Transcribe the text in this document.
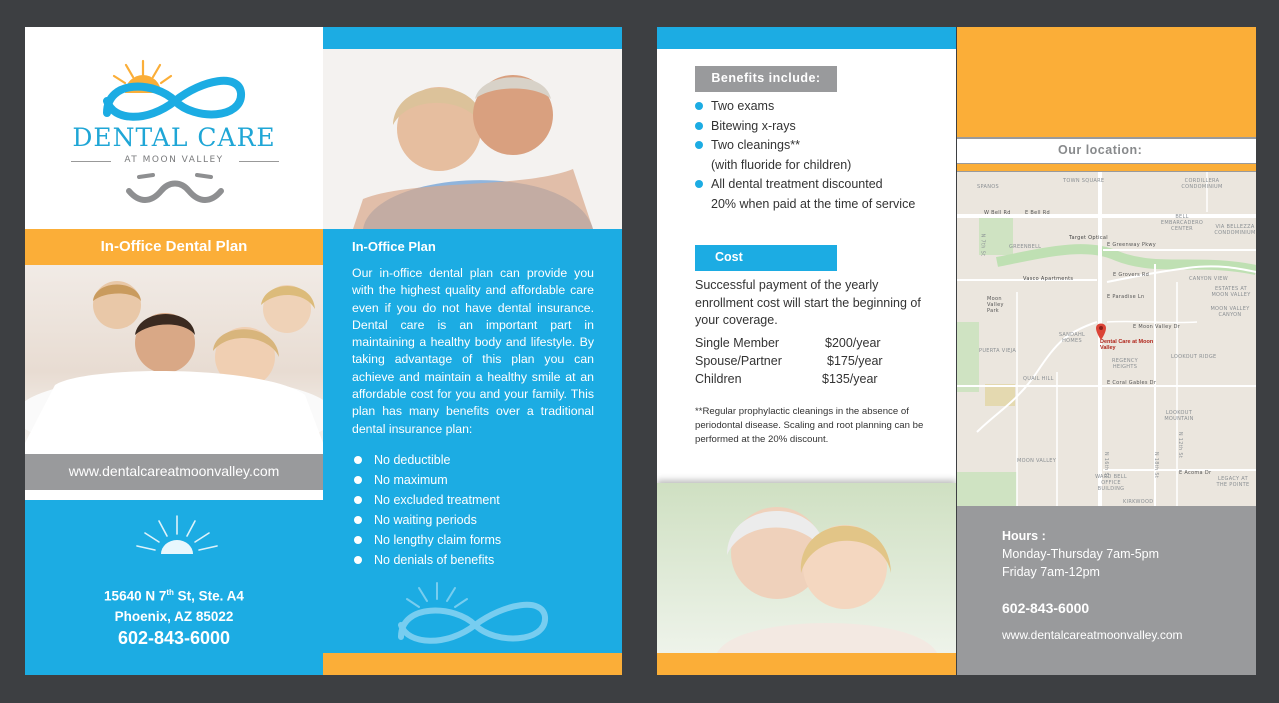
DENTAL CARE
AT MOON VALLEY
In-Office Dental Plan
www.dentalcareatmoonvalley.com
15640 N 7th St, Ste. A4
Phoenix, AZ 85022
602-843-6000
In-Office Plan
Our in-office dental plan can provide you with the highest quality and affordable care even if you do not have dental insurance. Dental care is an important part in maintaining a healthy body and lifestyle. By taking advantage of this plan you can achieve and maintain a healthy smile at an affordable cost for you and your family. This plan has many benefits over a traditional dental insurance plan:
No deductible
No maximum
No excluded treatment
No waiting periods
No lengthy claim forms
No denials of benefits
Benefits include:
Two exams
Bitewing x-rays
Two cleanings**
(with fluoride for children)
All dental treatment discounted
20% when paid at the time of service
Cost
Successful payment of the yearly enrollment cost will start the beginning of your coverage.
Single Member	$200/year
Spouse/Partner	$175/year
Children	$135/year
**Regular prophylactic cleanings in the absence of periodontal disease. Scaling and root planning can be performed at the 20% discount.
Our location:
Dental Care at Moon Valley
SPANOS
TOWN SQUARE	CORDILLERA CONDOMINIUM
W Bell Rd	E Bell Rd
BELL EMBARCADERO CENTER	VIA BELLEZZA CONDOMINIUM
Target Optical
E Greenway Pkwy
GREENBELL
Vasco Apartments
E Grovers Rd
CANYON VIEW
ESTATES AT MOON VALLEY
E Paradise Ln
Moon Valley Park	MOON VALLEY CANYON
SANDAHL HOMES
E Moon Valley Dr
PUERTA VIEJA
REGENCY HEIGHTS
LOOKOUT RIDGE
QUAIL HILL
E Coral Gables Dr
LOOKOUT MOUNTAIN
MOON VALLEY
E Acoma Dr
WARD BELL OFFICE BUILDING
LEGACY AT THE POINTE
KIRKWOOD
N 7th St
N 16th St	N 18th St
N 12th St
Hours :
Monday-Thursday 7am-5pm
Friday 7am-12pm
602-843-6000
www.dentalcareatmoonvalley.com
